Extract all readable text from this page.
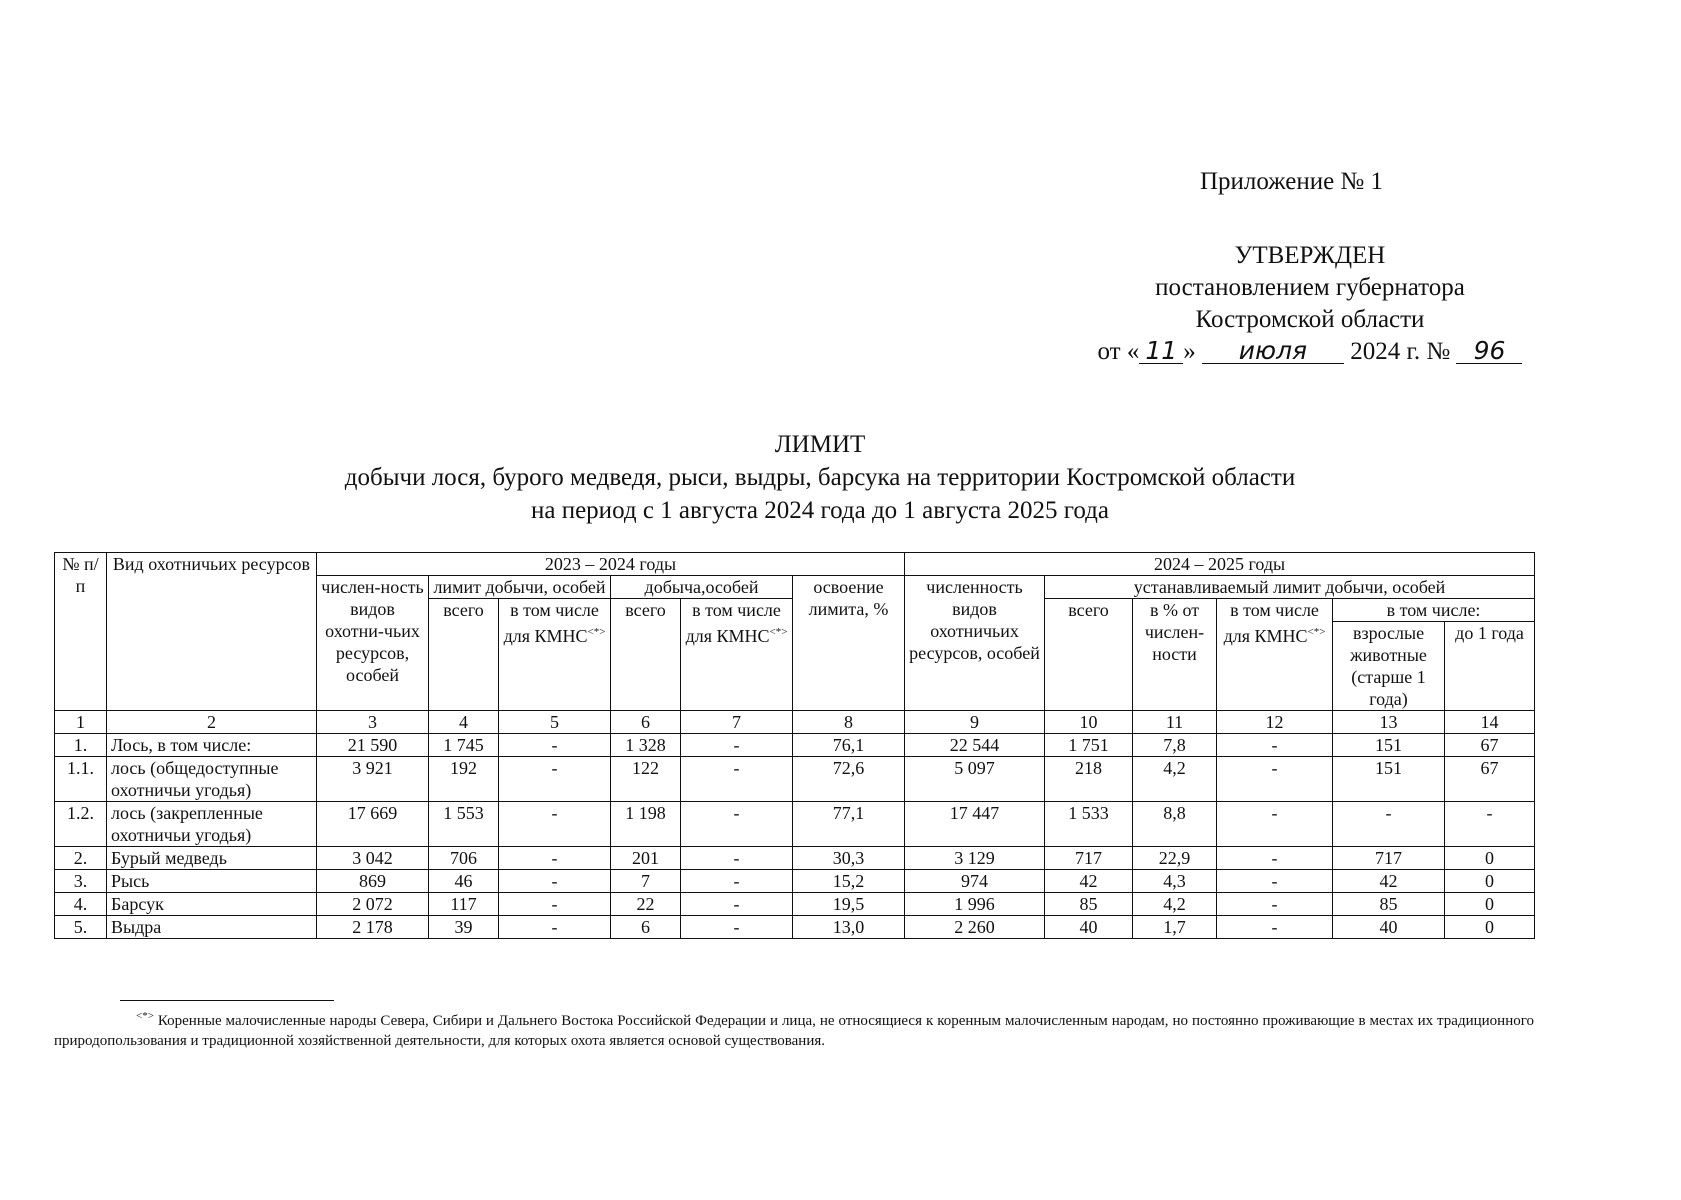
Приложение № 1
УТВЕРЖДЕН
постановлением губернатора
Костромской области
от « 11 » июля 2024 г. № 96
ЛИМИТ
добычи лося, бурого медведя, рыси, выдры, барсука на территории Костромской области
на период с 1 августа 2024 года до 1 августа 2025 года
№ п/п	Вид охотничьих ресурсов	2023 – 2024 годы						2024 – 2025 годы					
		числен-ность видов охотни-чьих ресурсов, особей	лимит добычи, особей		добыча,особей		освоение лимита, %	численность видов охотничьих ресурсов, особей	устанавливаемый лимит добычи, особей				
			всего	в том числе для КМНС<*>	всего	в том числе для КМНС<*>			всего	в % от числен-ности	в том числе для КМНС<*>	в том числе:	
												взрослые животные (старше 1 года)	до 1 года
1	2	3	4	5	6	7	8	9	10	11	12	13	14
1.	Лось, в том числе:	21 590	1 745	-	1 328	-	76,1	22 544	1 751	7,8	-	151	67
1.1.	лось (общедоступные охотничьи угодья)	3 921	192	-	122	-	72,6	5 097	218	4,2	-	151	67
1.2.	лось (закрепленные охотничьи угодья)	17 669	1 553	-	1 198	-	77,1	17 447	1 533	8,8	-	-	-
2.	Бурый медведь	3 042	706	-	201	-	30,3	3 129	717	22,9	-	717	0
3.	Рысь	869	46	-	7	-	15,2	974	42	4,3	-	42	0
4.	Барсук	2 072	117	-	22	-	19,5	1 996	85	4,2	-	85	0
5.	Выдра	2 178	39	-	6	-	13,0	2 260	40	1,7	-	40	0
<*> Коренные малочисленные народы Севера, Сибири и Дальнего Востока Российской Федерации и лица, не относящиеся к коренным малочисленным народам, но постоянно проживающие в местах их традиционного природопользования и традиционной хозяйственной деятельности, для которых охота является основой существования.
